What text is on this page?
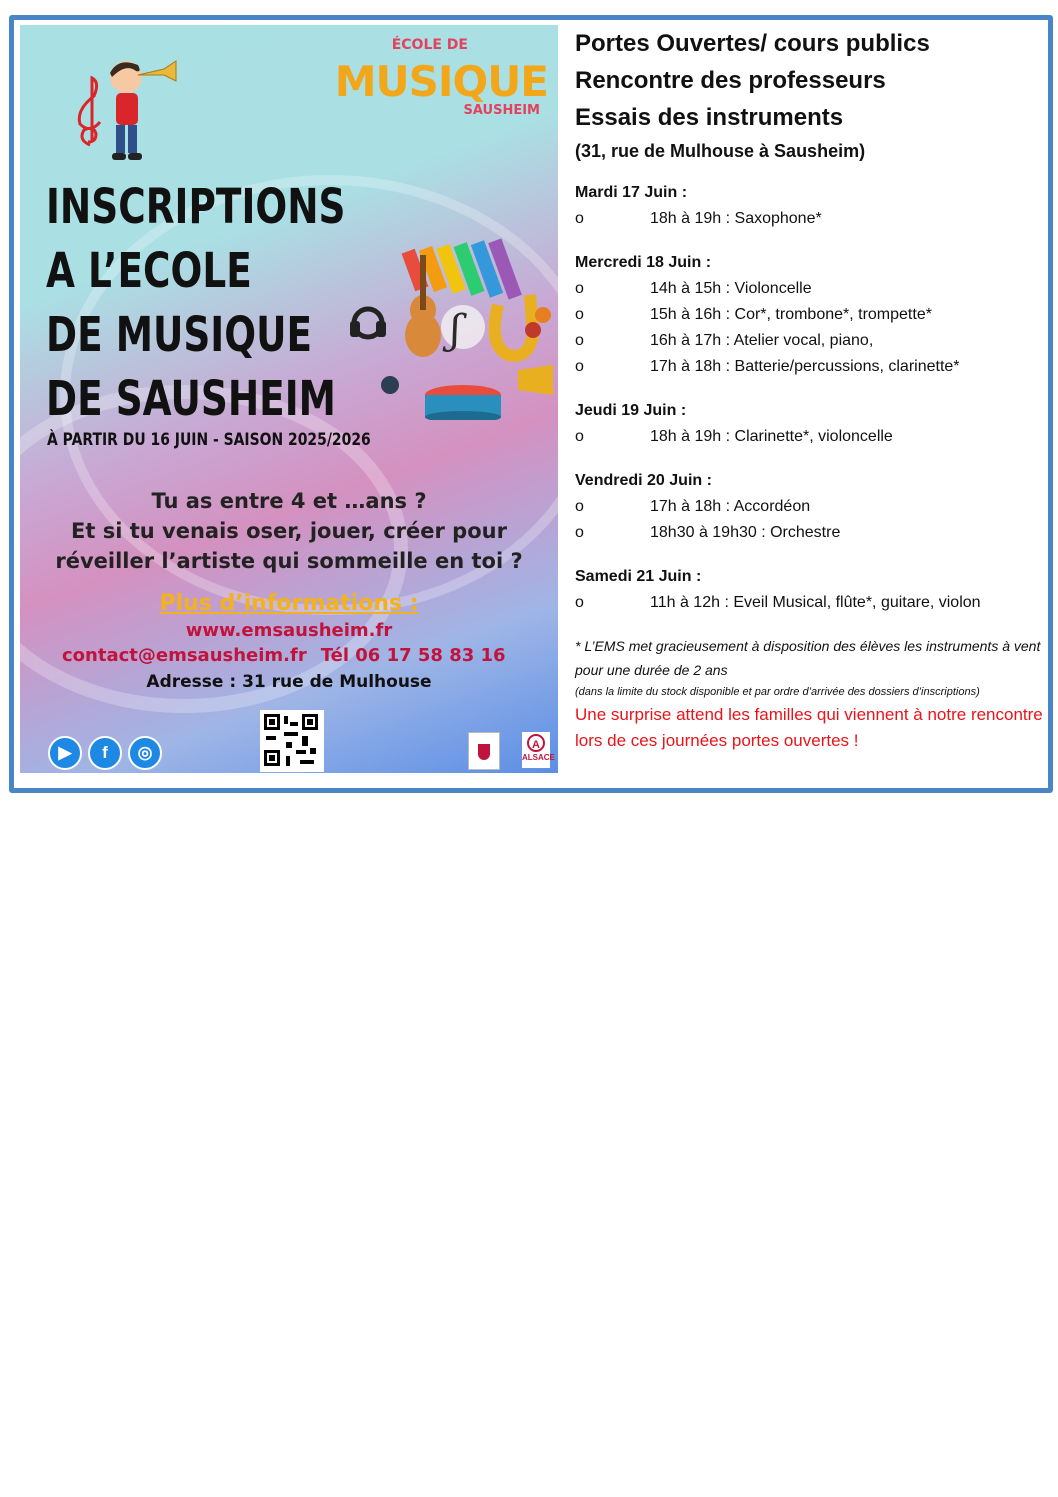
ÉCOLE DE
MUSIQUE
SAUSHEIM
INSCRIPTIONS
A L’ECOLE
DE MUSIQUE
DE SAUSHEIM
À PARTIR DU 16 JUIN - SAISON 2025/2026
ʃ
Tu as entre 4 et …ans ?
Et si tu venais oser, jouer, créer pour
réveiller l’artiste qui sommeille en toi ?
Plus d’informations :
www.emsausheim.fr
contact@emsausheim.fr Tél 06 17 58 83 16
Adresse : 31 rue de Mulhouse
▶	f	◎	A
ALSACE
Portes Ouvertes/ cours publics
Rencontre des professeurs
Essais des instruments
(31, rue de Mulhouse à Sausheim)
Mardi 17 Juin :
o	18h à 19h : Saxophone*
Mercredi 18 Juin :
o	14h à 15h : Violoncelle
o	15h à 16h : Cor*, trombone*, trompette*
o	16h à 17h : Atelier vocal, piano,
o	17h à 18h : Batterie/percussions, clarinette*
Jeudi 19 Juin :
o	18h à 19h : Clarinette*, violoncelle
Vendredi 20 Juin :
o	17h à 18h : Accordéon
o	18h30 à 19h30 : Orchestre
Samedi 21 Juin :
o	11h à 12h : Eveil Musical, flûte*, guitare, violon
* L’EMS met gracieusement à disposition des élèves les instruments à vent pour une durée de 2 ans
(dans la limite du stock disponible et par ordre d’arrivée des dossiers d’inscriptions)
Une surprise attend les familles qui viennent à notre rencontre lors de ces journées portes ouvertes !
